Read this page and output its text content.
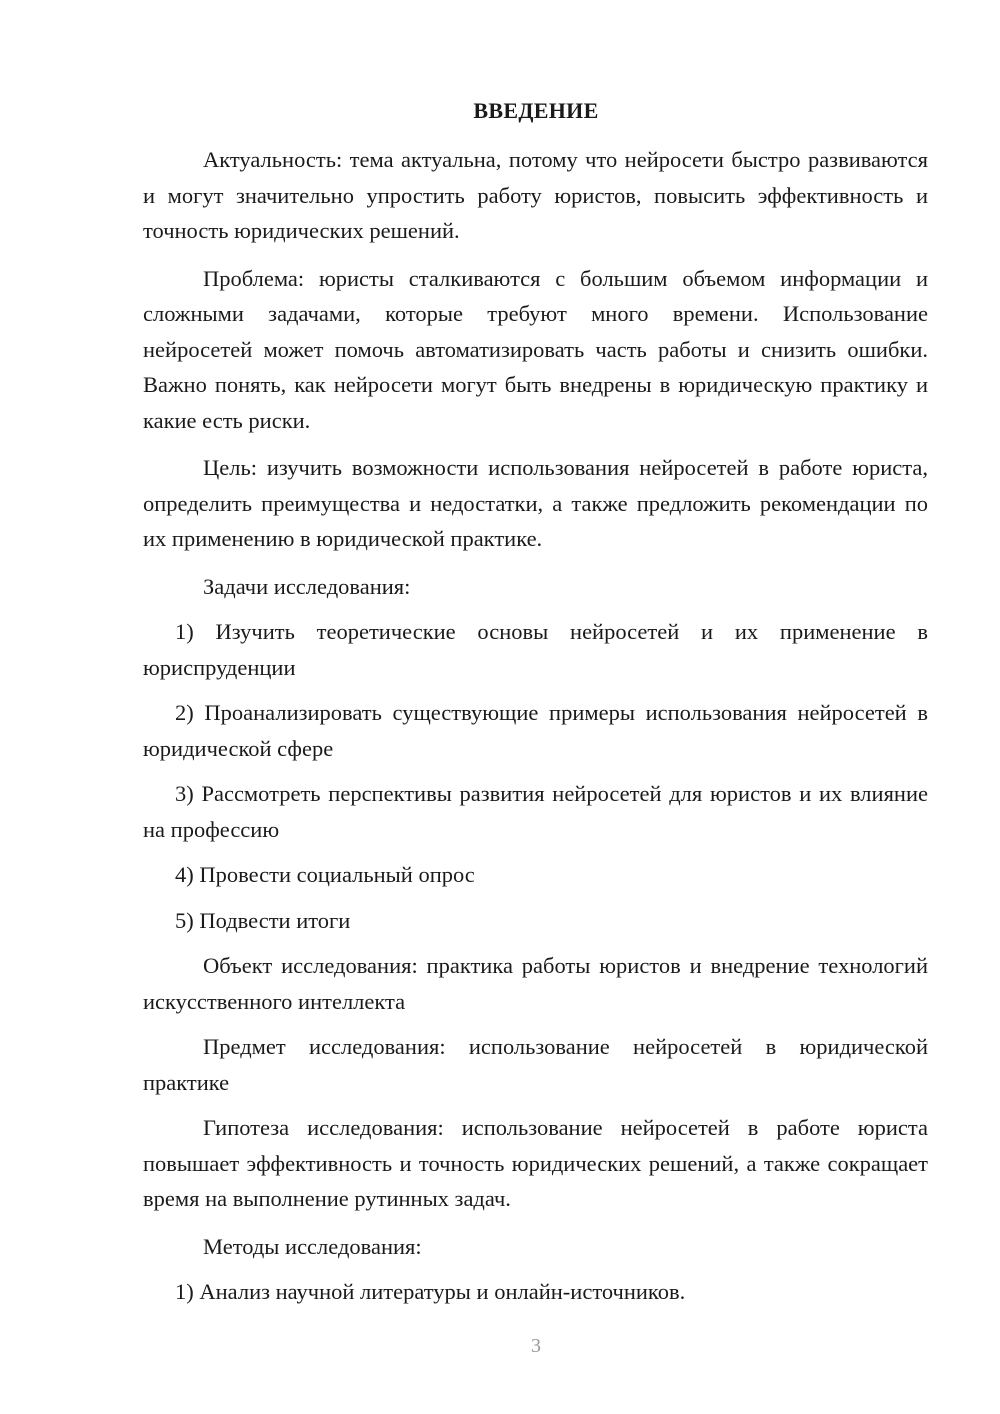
ВВЕДЕНИЕ

Актуальность: тема актуальна, потому что нейросети быстро развиваются и могут значительно упростить работу юристов, повысить эффективность и точность юридических решений.

Проблема: юристы сталкиваются с большим объемом информации и сложными задачами, которые требуют много времени. Использование нейросетей может помочь автоматизировать часть работы и снизить ошибки. Важно понять, как нейросети могут быть внедрены в юридическую практику и какие есть риски.

Цель: изучить возможности использования нейросетей в работе юриста, определить преимущества и недостатки, а также предложить рекомендации по их применению в юридической практике.

Задачи исследования:

1) Изучить теоретические основы нейросетей и их применение в юриспруденции

2) Проанализировать существующие примеры использования нейросетей в юридической сфере

3) Рассмотреть перспективы развития нейросетей для юристов и их влияние на профессию

4) Провести социальный опрос

5) Подвести итоги

Объект исследования: практика работы юристов и внедрение технологий искусственного интеллекта

Предмет исследования: использование нейросетей в юридической практике

Гипотеза исследования: использование нейросетей в работе юриста повышает эффективность и точность юридических решений, а также сокращает время на выполнение рутинных задач.

Методы исследования:

1) Анализ научной литературы и онлайн-источников.

3
